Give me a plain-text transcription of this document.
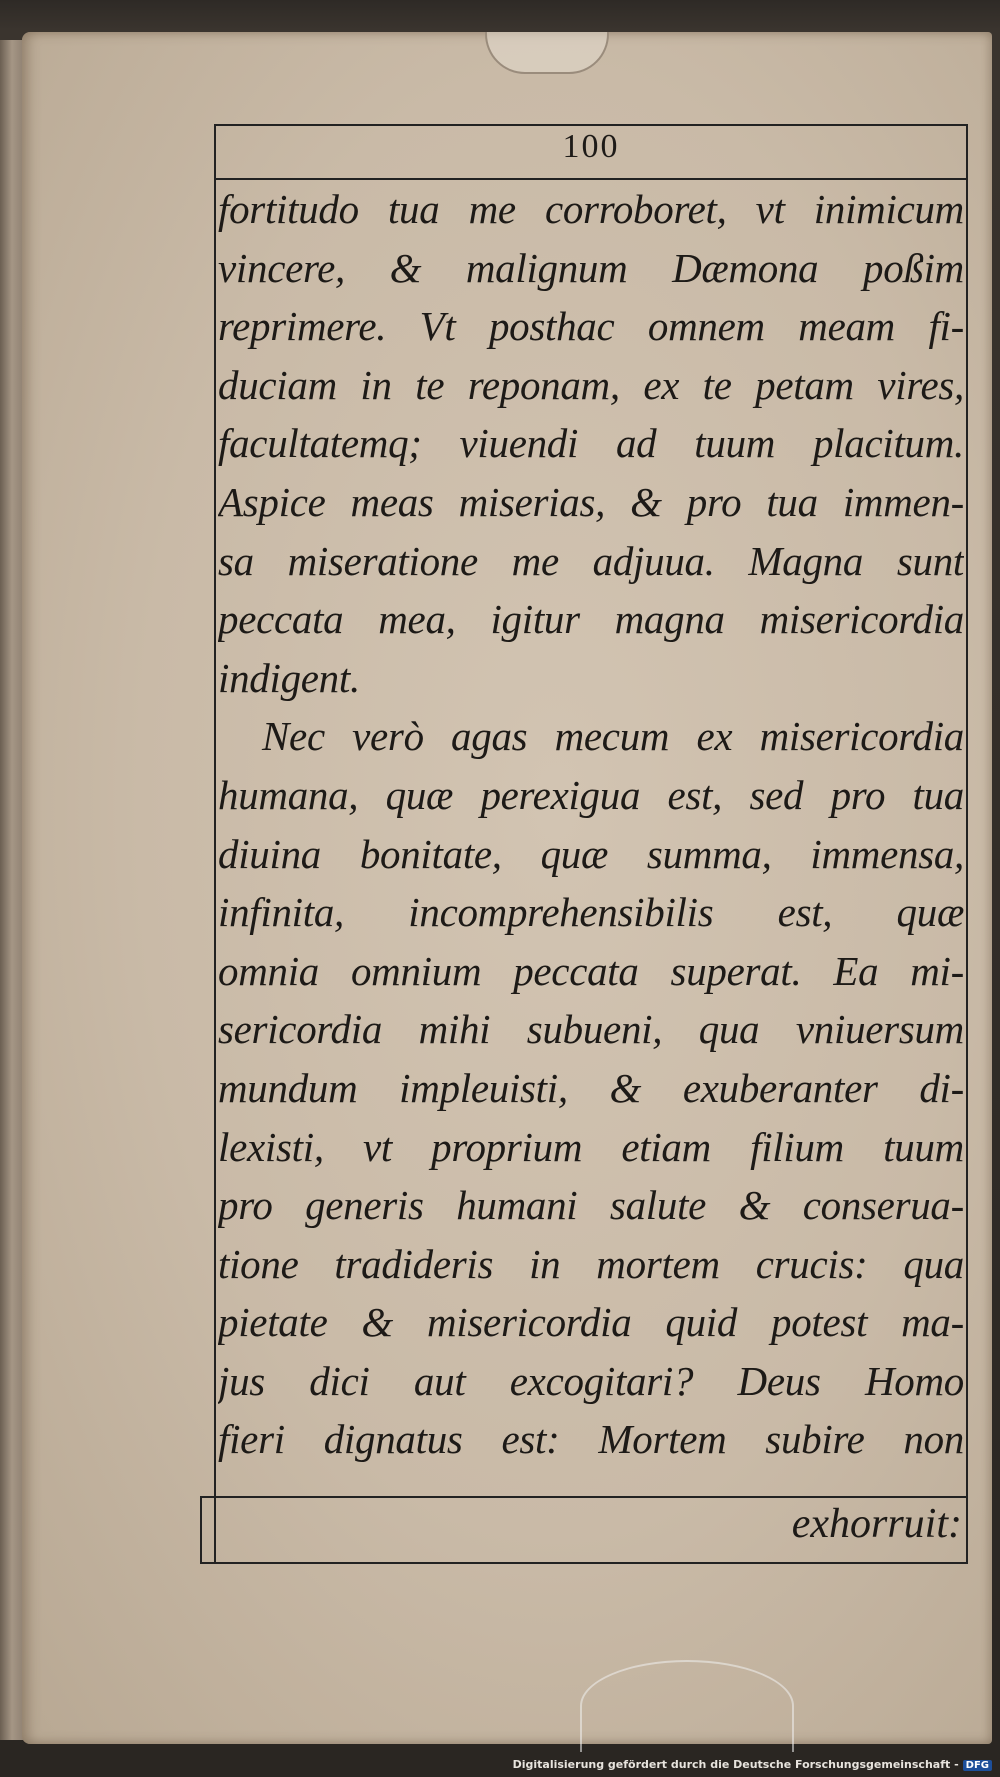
100
fortitudo tua me corroboret, vt inimicum
vincere, & malignum Dæmona poßim
reprimere. Vt posthac omnem meam fi-
duciam in te reponam, ex te petam vires,
facultatemq; viuendi ad tuum placitum.
Aspice meas miserias, & pro tua immen-
sa miseratione me adjuua. Magna sunt
peccata mea, igitur magna misericordia
indigent.
Nec verò agas mecum ex misericordia
humana, quæ perexigua est, sed pro tua
diuina bonitate, quæ summa, immensa,
infinita, incomprehensibilis est, quæ
omnia omnium peccata superat. Ea mi-
sericordia mihi subueni, qua vniuersum
mundum impleuisti, & exuberanter di-
lexisti, vt proprium etiam filium tuum
pro generis humani salute & conserua-
tione tradideris in mortem crucis: qua
pietate & misericordia quid potest ma-
jus dici aut excogitari? Deus Homo
fieri dignatus est: Mortem subire non
exhorruit:
Digitalisierung gefördert durch die Deutsche Forschungsgemeinschaft - DFG
